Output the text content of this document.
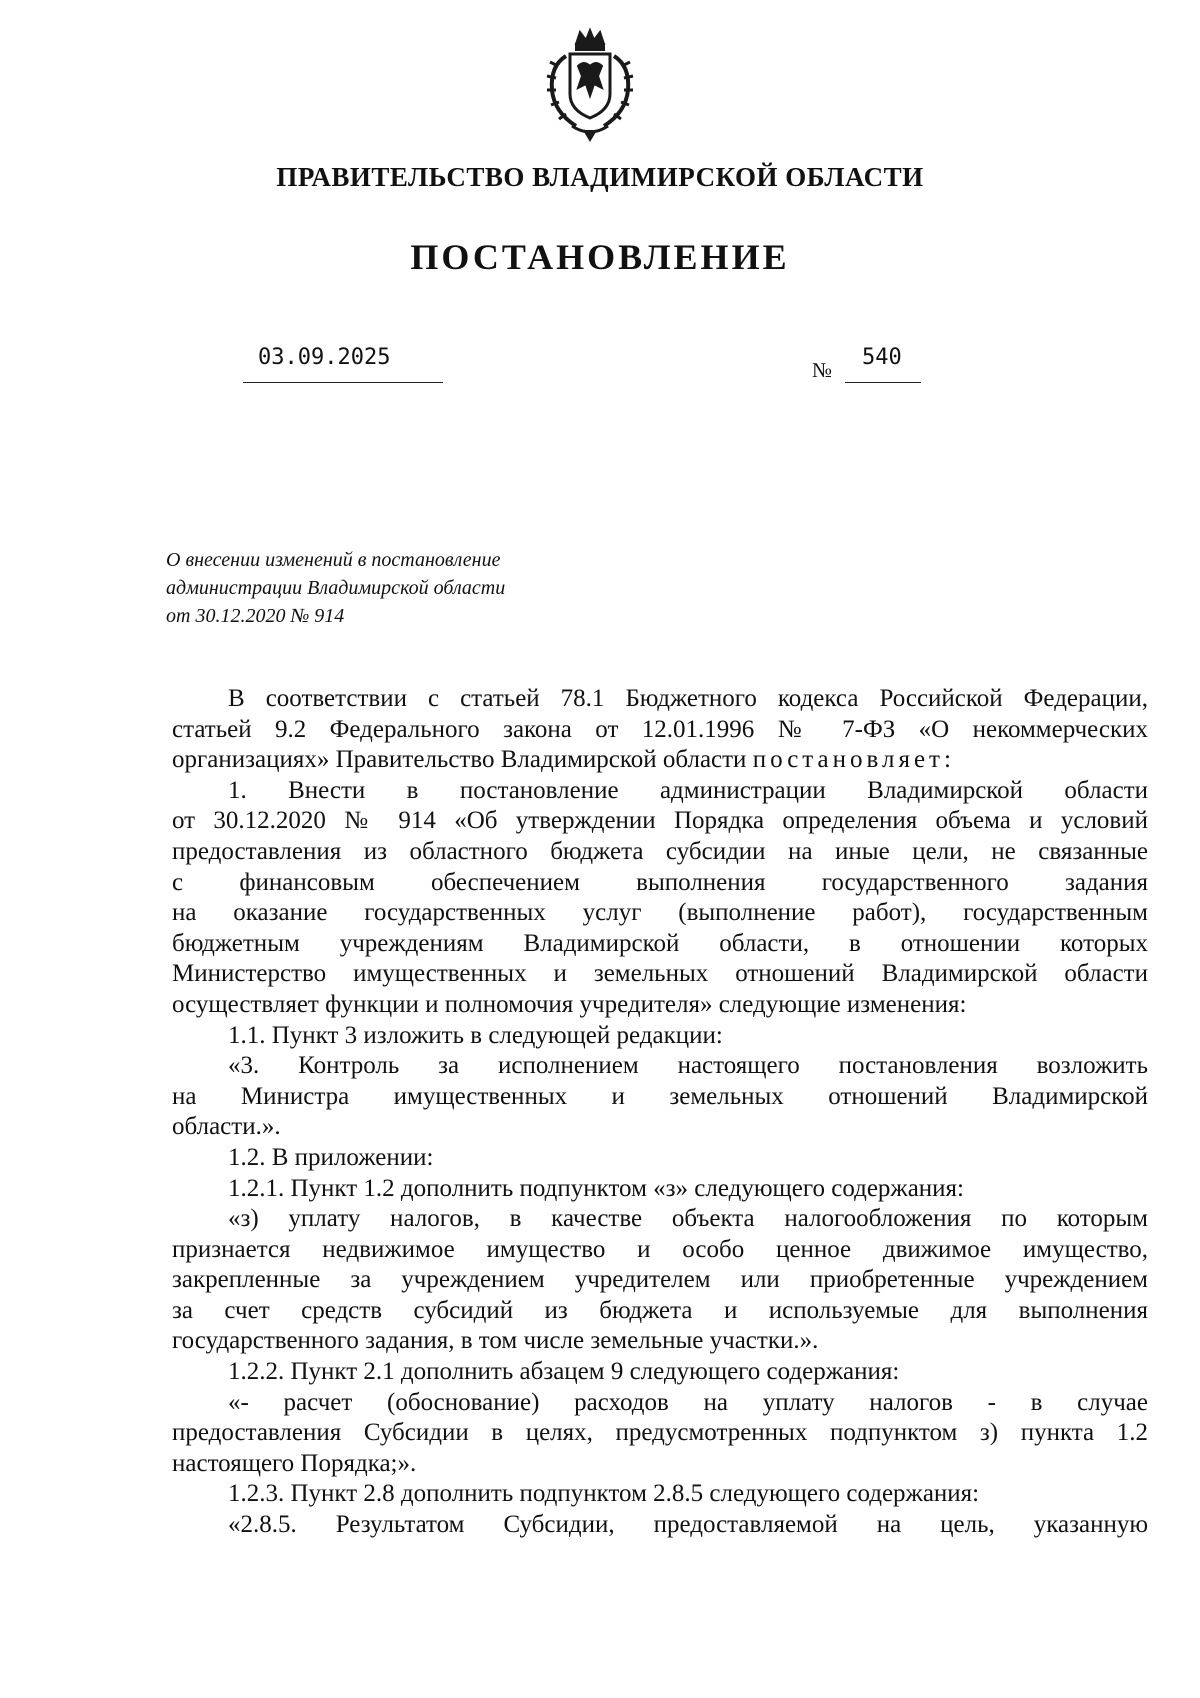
ПРАВИТЕЛЬСТВО ВЛАДИМИРСКОЙ ОБЛАСТИ
ПОСТАНОВЛЕНИЕ
03.09.2025	№ 540
О внесении изменений в постановление
администрации Владимирской области
от 30.12.2020 № 914
В соответствии с статьей 78.1 Бюджетного кодекса Российской Федерации,
статьей 9.2 Федерального закона от 12.01.1996 № 7-ФЗ «О некоммерческих
организациях» Правительство Владимирской области постановляет:
1. Внести в постановление администрации Владимирской области
от 30.12.2020 № 914 «Об утверждении Порядка определения объема и условий
предоставления из областного бюджета субсидии на иные цели, не связанные
с финансовым обеспечением выполнения государственного задания
на оказание государственных услуг (выполнение работ), государственным
бюджетным учреждениям Владимирской области, в отношении которых
Министерство имущественных и земельных отношений Владимирской области
осуществляет функции и полномочия учредителя» следующие изменения:
1.1. Пункт 3 изложить в следующей редакции:
«3. Контроль за исполнением настоящего постановления возложить
на Министра имущественных и земельных отношений Владимирской
области.».
1.2. В приложении:
1.2.1. Пункт 1.2 дополнить подпунктом «з» следующего содержания:
«з) уплату налогов, в качестве объекта налогообложения по которым
признается недвижимое имущество и особо ценное движимое имущество,
закрепленные за учреждением учредителем или приобретенные учреждением
за счет средств субсидий из бюджета и используемые для выполнения
государственного задания, в том числе земельные участки.».
1.2.2. Пункт 2.1 дополнить абзацем 9 следующего содержания:
«- расчет (обоснование) расходов на уплату налогов - в случае
предоставления Субсидии в целях, предусмотренных подпунктом з) пункта 1.2
настоящего Порядка;».
1.2.3. Пункт 2.8 дополнить подпунктом 2.8.5 следующего содержания:
«2.8.5. Результатом Субсидии, предоставляемой на цель, указанную
